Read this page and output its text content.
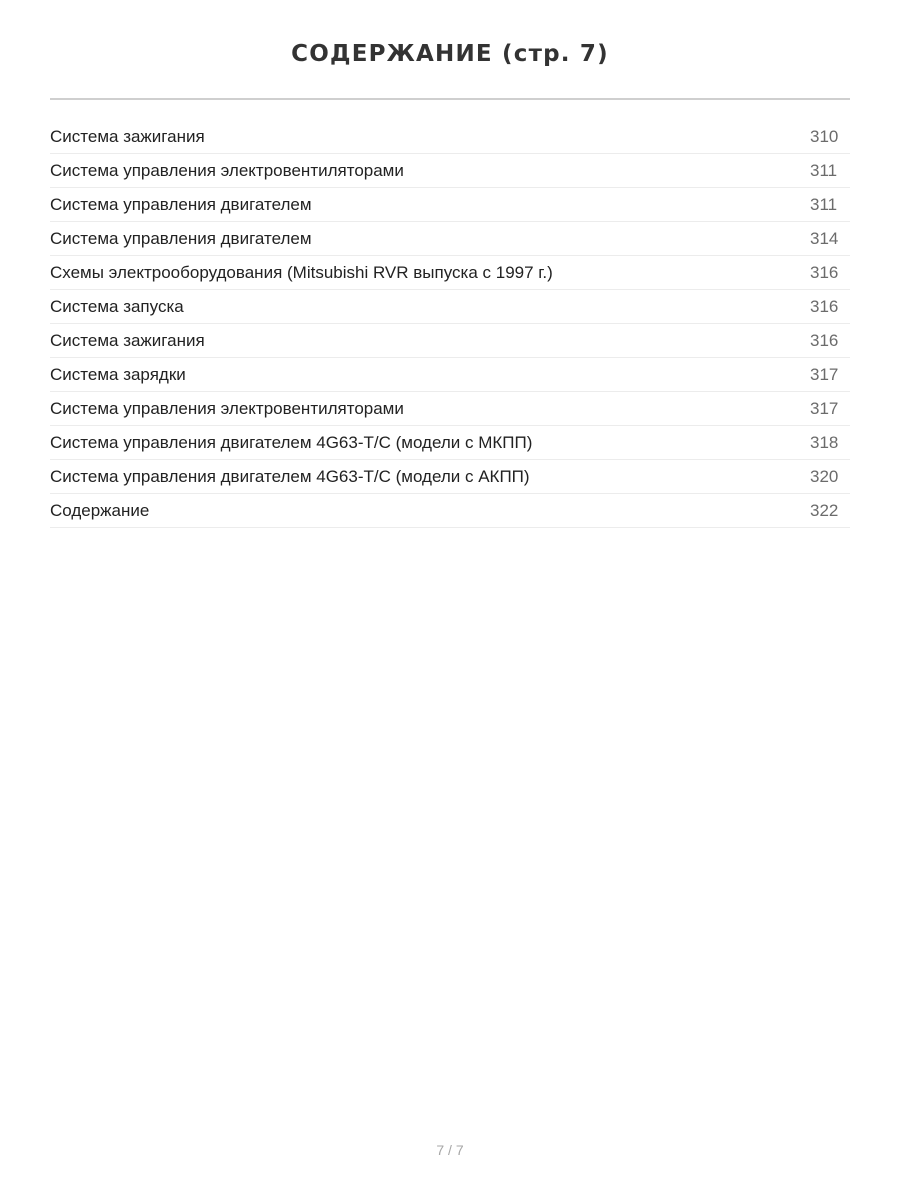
СОДЕРЖАНИЕ (стр. 7)
Система зажигания	310
Система управления электровентиляторами	311
Система управления двигателем	311
Система управления двигателем	314
Схемы электрооборудования (Mitsubishi RVR выпуска с 1997 г.)	316
Система запуска	316
Система зажигания	316
Система зарядки	317
Система управления электровентиляторами	317
Система управления двигателем 4G63-T/C (модели с МКПП)	318
Система управления двигателем 4G63-T/C (модели с АКПП)	320
Содержание	322
7 / 7
